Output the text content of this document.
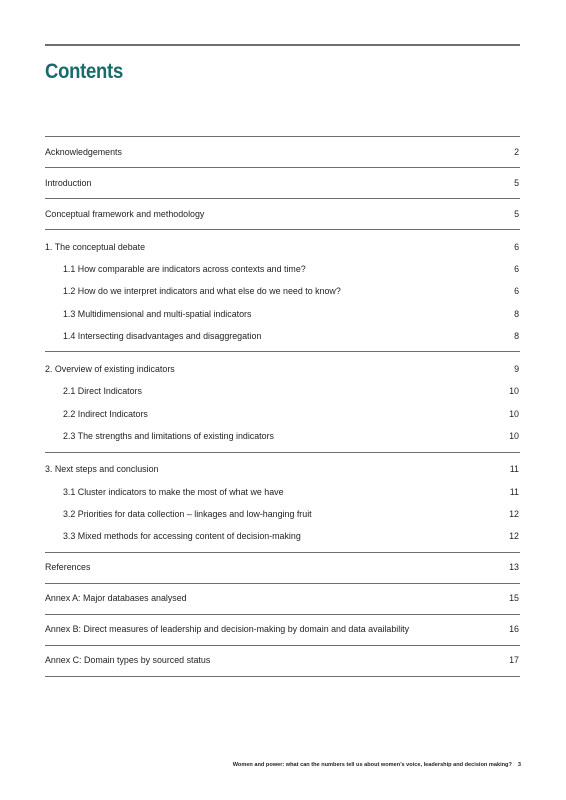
Contents
Acknowledgements	2
Introduction	5
Conceptual framework and methodology	5
1. The conceptual debate	6
1.1 How comparable are indicators across contexts and time?	6
1.2 How do we interpret indicators and what else do we need to know?	6
1.3 Multidimensional and multi-spatial indicators	8
1.4 Intersecting disadvantages and disaggregation	8
2. Overview of existing indicators	9
2.1 Direct Indicators	10
2.2 Indirect Indicators	10
2.3 The strengths and limitations of existing indicators	10
3. Next steps and conclusion	11
3.1 Cluster indicators to make the most of what we have	11
3.2 Priorities for data collection – linkages and low-hanging fruit	12
3.3 Mixed methods for accessing content of decision-making	12
References	13
Annex A: Major databases analysed	15
Annex B: Direct measures of leadership and decision-making by domain and data availability	16
Annex C: Domain types by sourced status	17
Women and power: what can the numbers tell us about women’s voice, leadership and decision making? 3
